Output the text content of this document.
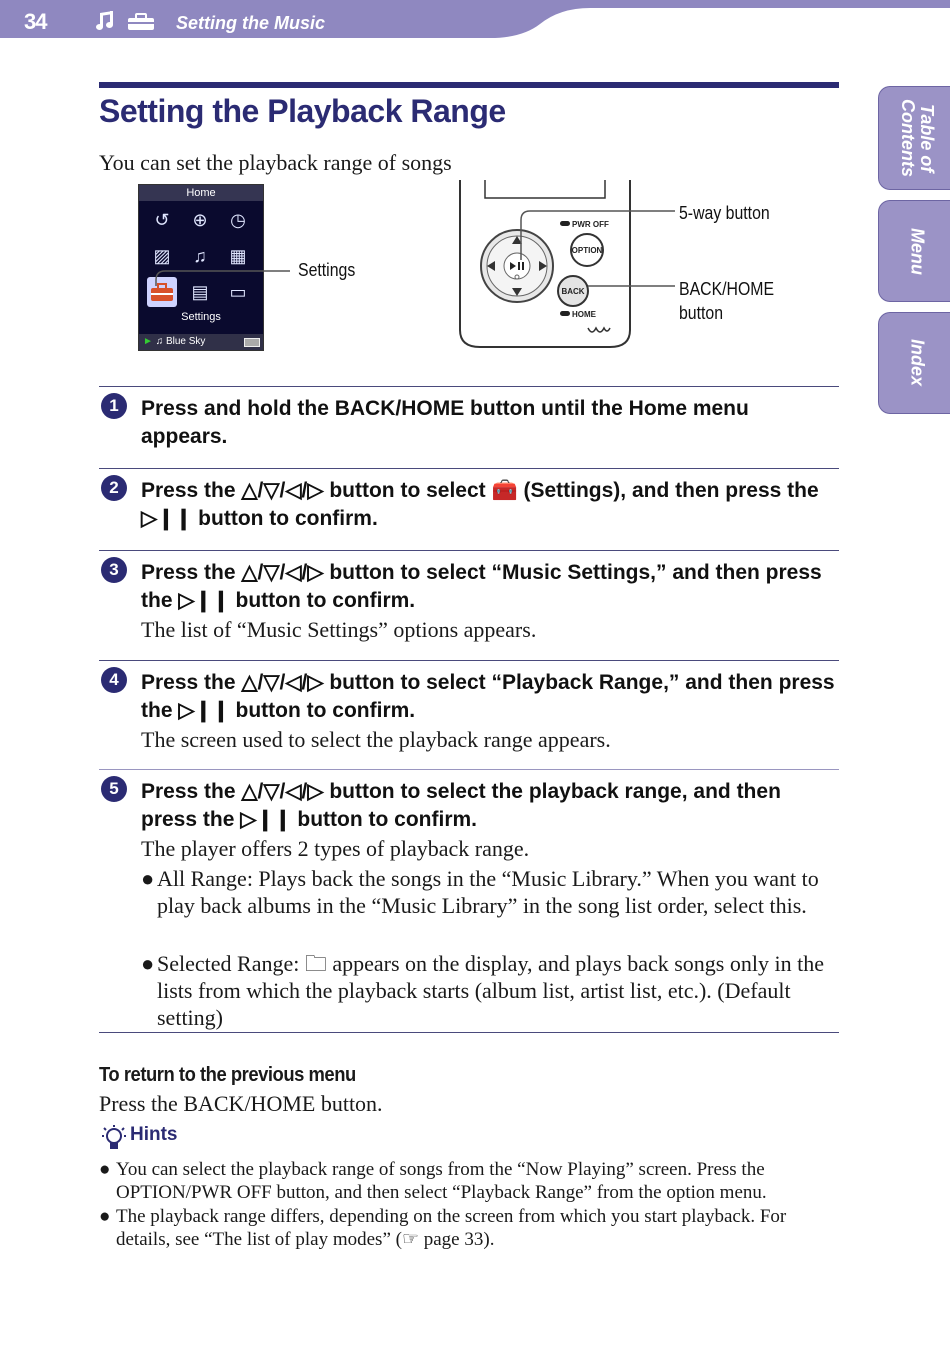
34	Setting the Music
Table of Contents
Menu
Index
Setting the Playback Range
You can set the playback range of songs
Home
↺	⊕	◷
▨	♫	▦
▤	▭
Settings
► ♫ Blue Sky
Settings
PWR OFF
OPTION
BACK
HOME
5-way button
BACK/HOME button
1	Press and hold the BACK/HOME button until the Home menu appears.
2	Press the △/▽/◁/▷ button to select 🧰 (Settings), and then press the ▷❙❙ button to confirm.
3	Press the △/▽/◁/▷ button to select “Music Settings,” and then press the ▷❙❙ button to confirm.
The list of “Music Settings” options appears.
4	Press the △/▽/◁/▷ button to select “Playback Range,” and then press the ▷❙❙ button to confirm.
The screen used to select the playback range appears.
5	Press the △/▽/◁/▷ button to select the playback range, and then press the ▷❙❙ button to confirm.
The player offers 2 types of playback range.
● All Range: Plays back the songs in the “Music Library.” When you want to play back albums in the “Music Library” in the song list order, select this.
● Selected Range: 🗀 appears on the display, and plays back songs only in the lists from which the playback starts (album list, artist list, etc.). (Default setting)
To return to the previous menu
Press the BACK/HOME button.
Hints
● You can select the playback range of songs from the “Now Playing” screen. Press the OPTION/PWR OFF button, and then select “Playback Range” from the option menu.
● The playback range differs, depending on the screen from which you start playback. For details, see “The list of play modes” (☞ page 33).
